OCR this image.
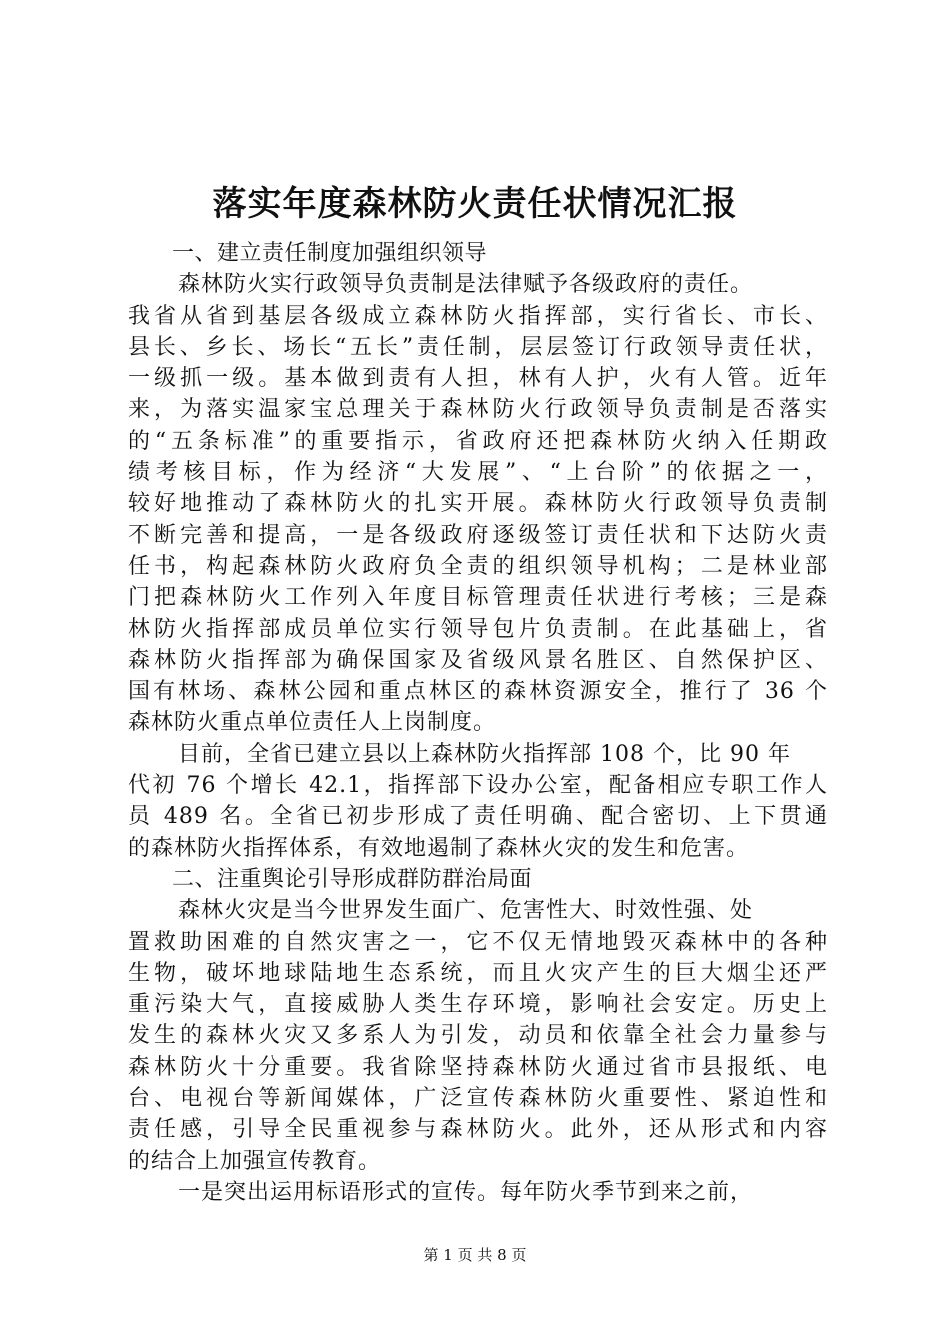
落实年度森林防火责任状情况汇报
一、建立责任制度加强组织领导
森林防火实行政领导负责制是法律赋予各级政府的责任。
我省从省到基层各级成立森林防火指挥部，实行省长、市长、
县长、乡长、场长“五长”责任制，层层签订行政领导责任状，
一级抓一级。基本做到责有人担，林有人护，火有人管。近年
来，为落实温家宝总理关于森林防火行政领导负责制是否落实
的“五条标准”的重要指示，省政府还把森林防火纳入任期政
绩考核目标，作为经济“大发展”、“上台阶”的依据之一，
较好地推动了森林防火的扎实开展。森林防火行政领导负责制
不断完善和提高，一是各级政府逐级签订责任状和下达防火责
任书，构起森林防火政府负全责的组织领导机构；二是林业部
门把森林防火工作列入年度目标管理责任状进行考核；三是森
林防火指挥部成员单位实行领导包片负责制。在此基础上，省
森林防火指挥部为确保国家及省级风景名胜区、自然保护区、
国有林场、森林公园和重点林区的森林资源安全，推行了 36 个
森林防火重点单位责任人上岗制度。
目前，全省已建立县以上森林防火指挥部 108 个，比 90 年
代初 76 个增长 42.1，指挥部下设办公室，配备相应专职工作人
员 489 名。全省已初步形成了责任明确、配合密切、上下贯通
的森林防火指挥体系，有效地遏制了森林火灾的发生和危害。
二、注重舆论引导形成群防群治局面
森林火灾是当今世界发生面广、危害性大、时效性强、处
置救助困难的自然灾害之一，它不仅无情地毁灭森林中的各种
生物，破坏地球陆地生态系统，而且火灾产生的巨大烟尘还严
重污染大气，直接威胁人类生存环境，影响社会安定。历史上
发生的森林火灾又多系人为引发，动员和依靠全社会力量参与
森林防火十分重要。我省除坚持森林防火通过省市县报纸、电
台、电视台等新闻媒体，广泛宣传森林防火重要性、紧迫性和
责任感，引导全民重视参与森林防火。此外，还从形式和内容
的结合上加强宣传教育。
一是突出运用标语形式的宣传。每年防火季节到来之前，
第 1 页 共 8 页
